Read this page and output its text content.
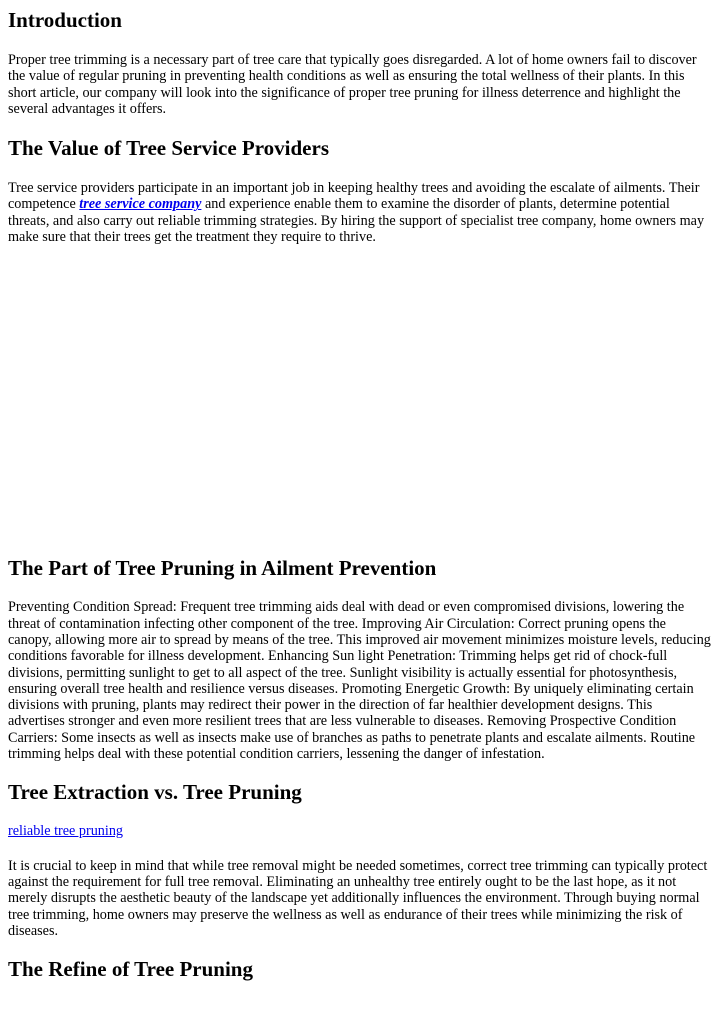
Introduction

Proper tree trimming is a necessary part of tree care that typically goes disregarded. A lot of home owners fail to discover the value of regular pruning in preventing health conditions as well as ensuring the total wellness of their plants. In this short article, our company will look into the significance of proper tree pruning for illness deterrence and highlight the several advantages it offers.

The Value of Tree Service Providers

Tree service providers participate in an important job in keeping healthy trees and avoiding the escalate of ailments. Their competence tree service company and experience enable them to examine the disorder of plants, determine potential threats, and also carry out reliable trimming strategies. By hiring the support of specialist tree company, home owners may make sure that their trees get the treatment they require to thrive.

The Part of Tree Pruning in Ailment Prevention

Preventing Condition Spread: Frequent tree trimming aids deal with dead or even compromised divisions, lowering the threat of contamination infecting other component of the tree. Improving Air Circulation: Correct pruning opens the canopy, allowing more air to spread by means of the tree. This improved air movement minimizes moisture levels, reducing conditions favorable for illness development. Enhancing Sun light Penetration: Trimming helps get rid of chock-full divisions, permitting sunlight to get to all aspect of the tree. Sunlight visibility is actually essential for photosynthesis, ensuring overall tree health and resilience versus diseases. Promoting Energetic Growth: By uniquely eliminating certain divisions with pruning, plants may redirect their power in the direction of far healthier development designs. This advertises stronger and even more resilient trees that are less vulnerable to diseases. Removing Prospective Condition Carriers: Some insects as well as insects make use of branches as paths to penetrate plants and escalate ailments. Routine trimming helps deal with these potential condition carriers, lessening the danger of infestation.

Tree Extraction vs. Tree Pruning

reliable tree pruning

It is crucial to keep in mind that while tree removal might be needed sometimes, correct tree trimming can typically protect against the requirement for full tree removal. Eliminating an unhealthy tree entirely ought to be the last hope, as it not merely disrupts the aesthetic beauty of the landscape yet additionally influences the environment. Through buying normal tree trimming, home owners may preserve the wellness as well as endurance of their trees while minimizing the risk of diseases.

The Refine of Tree Pruning
